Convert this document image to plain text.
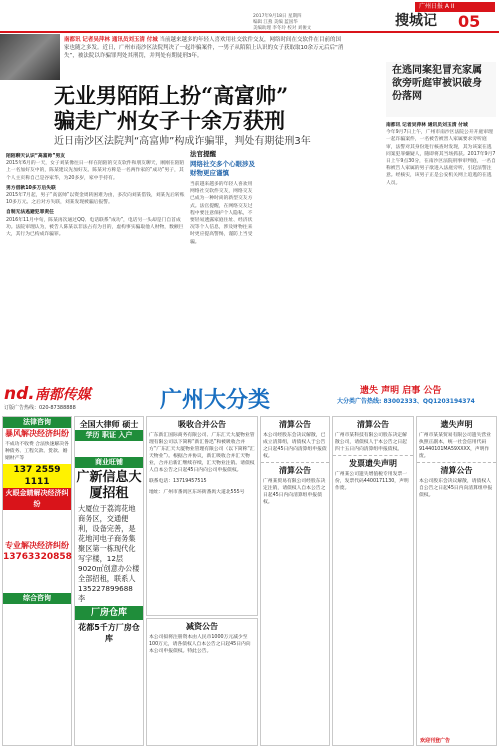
2017年9月18日 星期四
编辑 江燕 美编 蓝国华
美编助理 李冬玲 校对 刘俊文	搜城记	05
广州日报 A II
南都讯 记者吴萍林 通讯员刘玉清 付城 当前越来越多的年轻人喜欢用社交软件交友，网络时间在交软件在目前的国家也随之多发。近日，广州市南沙区法院判决了一起诈骗案件，一男子从陌陌上认识的女子获取取10余万元后后“消失”，被法院以诈骗罪判处其刑罚，并判处有期徒刑3年。
在逃同案犯冒充家属欲旁听庭审被识破身份落网
无业男陌陌上扮“高富帅”
骗走广州女子十余万获刑
近日南沙区法院判“高富帅”构成诈骗罪，判处有期徒刑3年
陌陌聊天认识“高富帅”男友
2015年6月的一天，女子刘某像往日一样在陌陌的交友软件和朋友聊天，刚刚在陌陌上一名加好友中的，陈某建议先加好友。陈某对方称是一名两作家的“成功”男子，其个人主页称自己是谷家华，为20多岁，家中手持有。
男方借款10多万后失联
2015年7月起，男子“高富帅”以资金周转困难为由，多次向刘某借钱，刘某先后转账10多万元。之后对方失联，刘某发现被骗后报警。
自制无法逃避犯罪责任
2016年11月中旬，陈某再次通过QQ、电话联系“成功”，电话另一头却是门自首成功。法院审理认为，被告人陈某以非法占有为目的，虚构事实骗取他人财物，数额巨大，其行为已构成诈骗罪。
法官提醒
网络社交多个心眼涉及财物更应谨慎
当前越来越多的年轻人喜欢用网络社交软件交友，网络交友已成为一种时尚的新型交友方式。法官提醒，在网络交友过程中要注意保护个人隐私，不要轻易透露家庭住址、经济状况等个人信息，涉及财物往来时更应提高警惕，谨防上当受骗。
南都讯 记者吴萍林 通讯员刘玉清 付城
今年9月7日上午，广州市南沙区法院公开开庭审理一起诈骗案件，一名被告被害人家属要求旁听庭审，法警对其身份进行核查时发现，其为该案在逃同案犯罪嫌疑人，随即将其当场抓获。2017年9月7日上午9点30分，在南沙区法院刑事审判庭，一名自称被告人家属的男子欲进入法庭旁听，引起法警注意。经核实，该男子正是公安机关网上追逃的在逃人员。
nd.南都传媒
订版广告热线：020-87388888	广州大分类	遗失 声明 启事 公告
大分类广告热线: 83002333、QQ1203194374
法律咨询
暴风解决经济纠纷
不成功不收费 合法快速解决各种债务、工程欠款、货款、婚姻财产等
137 2559 1111
火眼金睛解决经济纠纷
专业解决经济纠纷
13763320858
综合咨询
全国大律师 硕士
学历 职证 入户
商业旺铺
广新信息大厦招租
大厦位于荔湾花地商务区，交通便利，设备完善，是花地河电子商务集聚区第一栋现代化写字楼，12层9020㎡创意办公楼全部招租，联系人135227899688李
厂房仓库
花都5千方厂房仓库
吸收合并公告
广东新汇国际商务有限公司、广东汇天大厦物业管理有限公司以下简称“新汇鲁迅”和被吸收合并方“广东汇天大厦物业管理有限公司（以下简称“汇天物业”）。根据合并协议，新汇吸收合并汇天物业，合并后新汇继续存续，汇天物业注销。请债权人自本公告之日起45日内向公司申报债权。
联系电话：13719457515
地址：广州市番禺区东环街番禺大道北555号
减资公告
本公司拟将注册资本由人民币1000万元减少至100万元，请各债权人自本公告之日起45日内向本公司申报债权。特此公告。
清算公告
本公司经股东会决议解散，已成立清算组，请债权人于公告之日起45日内向清算组申报债权。
清算公告
广州某贸易有限公司经股东决定注销，请债权人自本公告之日起45日内向清算组申报债权。
清算公告
广州市某科技有限公司股东决定解散公司，请债权人于本公告之日起四十五日内向清算组申报债权。
发票遗失声明
广州某公司遗失增值税专用发票一份，发票代码4400171130，声明作废。
遗失声明
广州市某某贸易有限公司遗失营业执照正副本，统一社会信用代码91440101MA59XXXX，声明作废。
清算公告
本公司股东会决议解散，请债权人自公告之日起45日内向清算组申报债权。
欢迎刊登广告
